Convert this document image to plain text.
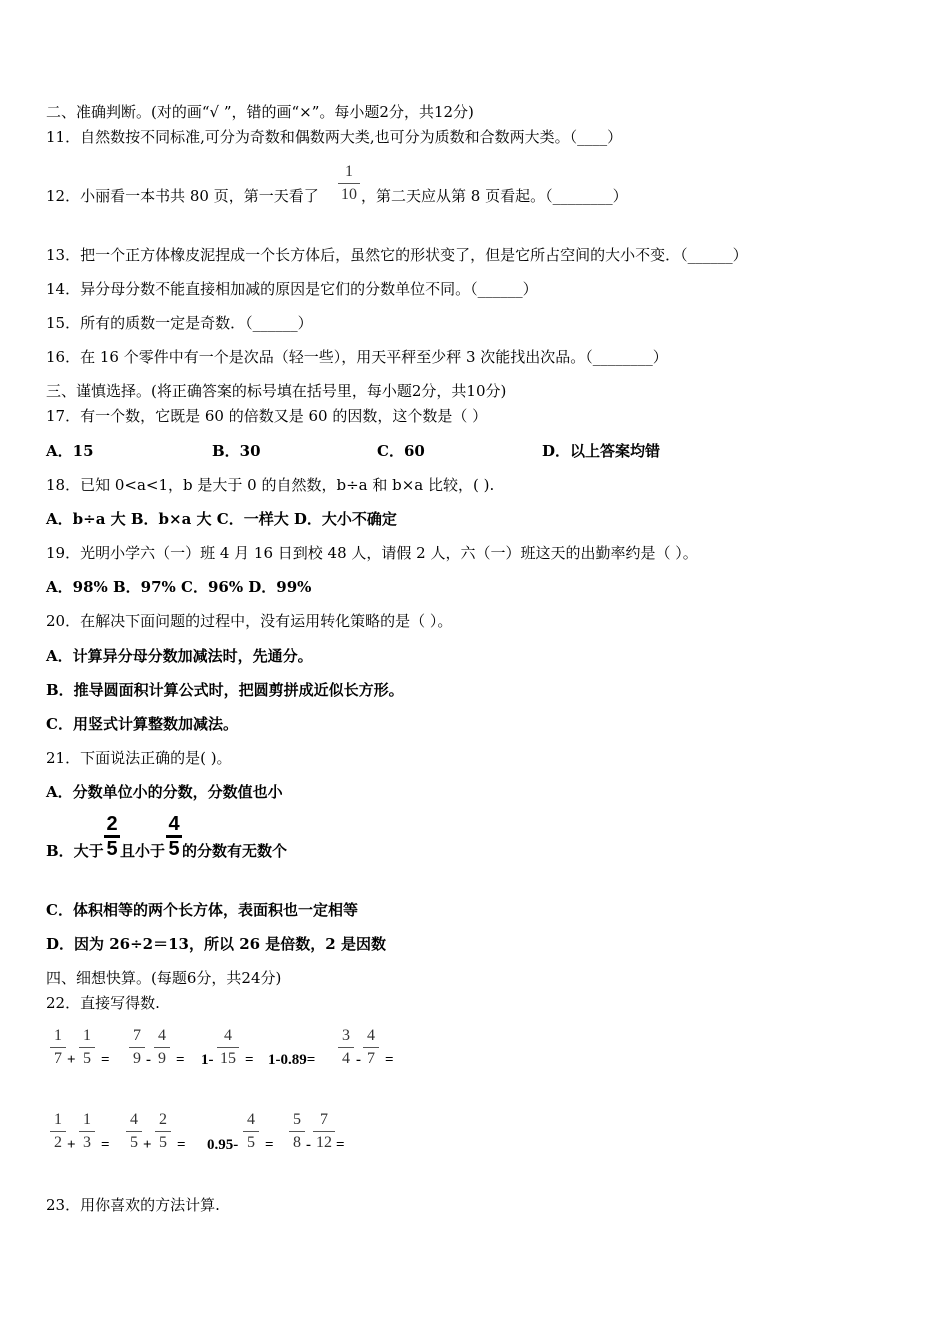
二、准确判断。(对的画“√ ”，错的画“×”。每小题2分，共12分)
11．自然数按不同标准,可分为奇数和偶数两大类,也可分为质数和合数两大类。（____）
12．小丽看一本书共 80 页，第一天看了
1
10 ，第二天应从第 8 页看起。（________）
13．把一个正方体橡皮泥捏成一个长方体后，虽然它的形状变了，但是它所占空间的大小不变．（______）
14．异分母分数不能直接相加减的原因是它们的分数单位不同。（______）
15．所有的质数一定是奇数．（______）
16．在 16 个零件中有一个是次品（轻一些），用天平秤至少秤 3 次能找出次品。（________）
三、谨慎选择。(将正确答案的标号填在括号里，每小题2分，共10分)
17．有一个数，它既是 60 的倍数又是 60 的因数，这个数是（ ）
A．15	B．30	C．60	D．以上答案均错
18．已知 0<a<1，b 是大于 0 的自然数，b÷a 和 b×a 比较，( ).
A．b÷a 大 B．b×a 大 C．一样大 D．大小不确定
19．光明小学六（一）班 4 月 16 日到校 48 人，请假 2 人，六（一）班这天的出勤率约是（ ）。
A．98% B．97% C．96% D．99%
20．在解决下面问题的过程中，没有运用转化策略的是（ ）。
A．计算异分母分数加减法时，先通分。
B．推导圆面积计算公式时，把圆剪拼成近似长方形。
C．用竖式计算整数加减法。
21．下面说法正确的是( )。
A．分数单位小的分数，分数值也小
B．大于
2
5 且小于
4
5 的分数有无数个
C．体积相等的两个长方体，表面积也一定相等
D．因为 26÷2＝13，所以 26 是倍数，2 是因数
四、细想快算。(每题6分，共24分)
22．直接写得数.
1
7 +
1
5 =
7
9 -
4
9 = 1-
4
15 = 1-0.89=
3
4 -
4
7 =
1
2 +
1
3 =
4
5 +
2
5 = 0.95-
4
5 =
5
8 -
7
12 =
23．用你喜欢的方法计算.
